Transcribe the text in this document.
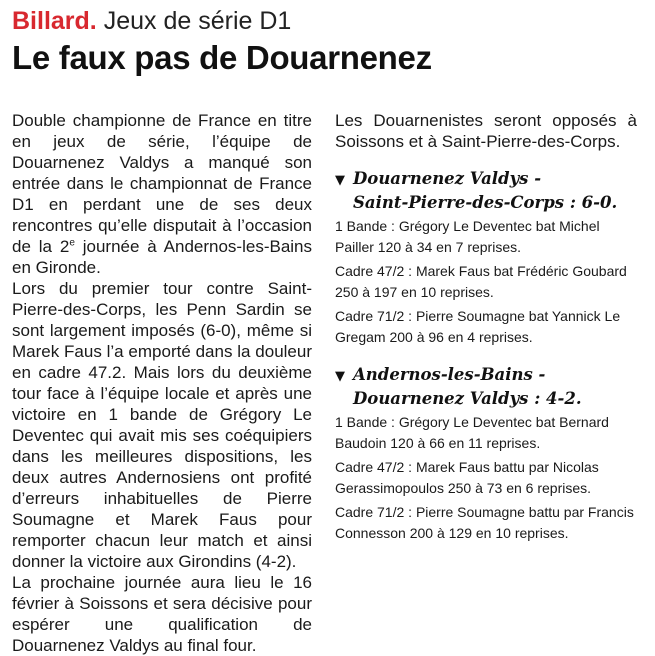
Billard. Jeux de série D1
Le faux pas de Douarnenez

Double championne de France en titre en jeux de série, l’équipe de Douarnenez Valdys a manqué son entrée dans le championnat de France D1 en perdant une de ses deux rencontres qu’elle disputait à l’occasion de la 2e journée à Andernos-les-Bains en Gironde.

Lors du premier tour contre Saint-Pierre-des-Corps, les Penn Sardin se sont largement imposés (6-0), même si Marek Faus l’a emporté dans la douleur en cadre 47.2. Mais lors du deuxième tour face à l’équipe locale et après une victoire en 1 bande de Grégory Le Deventec qui avait mis ses coéquipiers dans les meilleures dispositions, les deux autres Andernosiens ont profité d’erreurs inhabituelles de Pierre Soumagne et Marek Faus pour remporter chacun leur match et ainsi donner la victoire aux Girondins (4-2).

La prochaine journée aura lieu le 16 février à Soissons et sera décisive pour espérer une qualification de Douarnenez Valdys au final four.

Les Douarnenistes seront opposés à Soissons et à Saint-Pierre-des-Corps.

▼ Douarnenez Valdys -
Saint-Pierre-des-Corps : 6-0.

1 Bande : Grégory Le Deventec bat Michel Pailler 120 à 34 en 7 reprises.

Cadre 47/2 : Marek Faus bat Frédéric Goubard 250 à 197 en 10 reprises.

Cadre 71/2 : Pierre Soumagne bat Yannick Le Gregam 200 à 96 en 4 reprises.

▼ Andernos-les-Bains -
Douarnenez Valdys : 4-2.

1 Bande : Grégory Le Deventec bat Bernard Baudoin 120 à 66 en 11 reprises.

Cadre 47/2 : Marek Faus battu par Nicolas Gerassimopoulos 250 à 73 en 6 reprises.

Cadre 71/2 : Pierre Soumagne battu par Francis Connesson 200 à 129 en 10 reprises.
